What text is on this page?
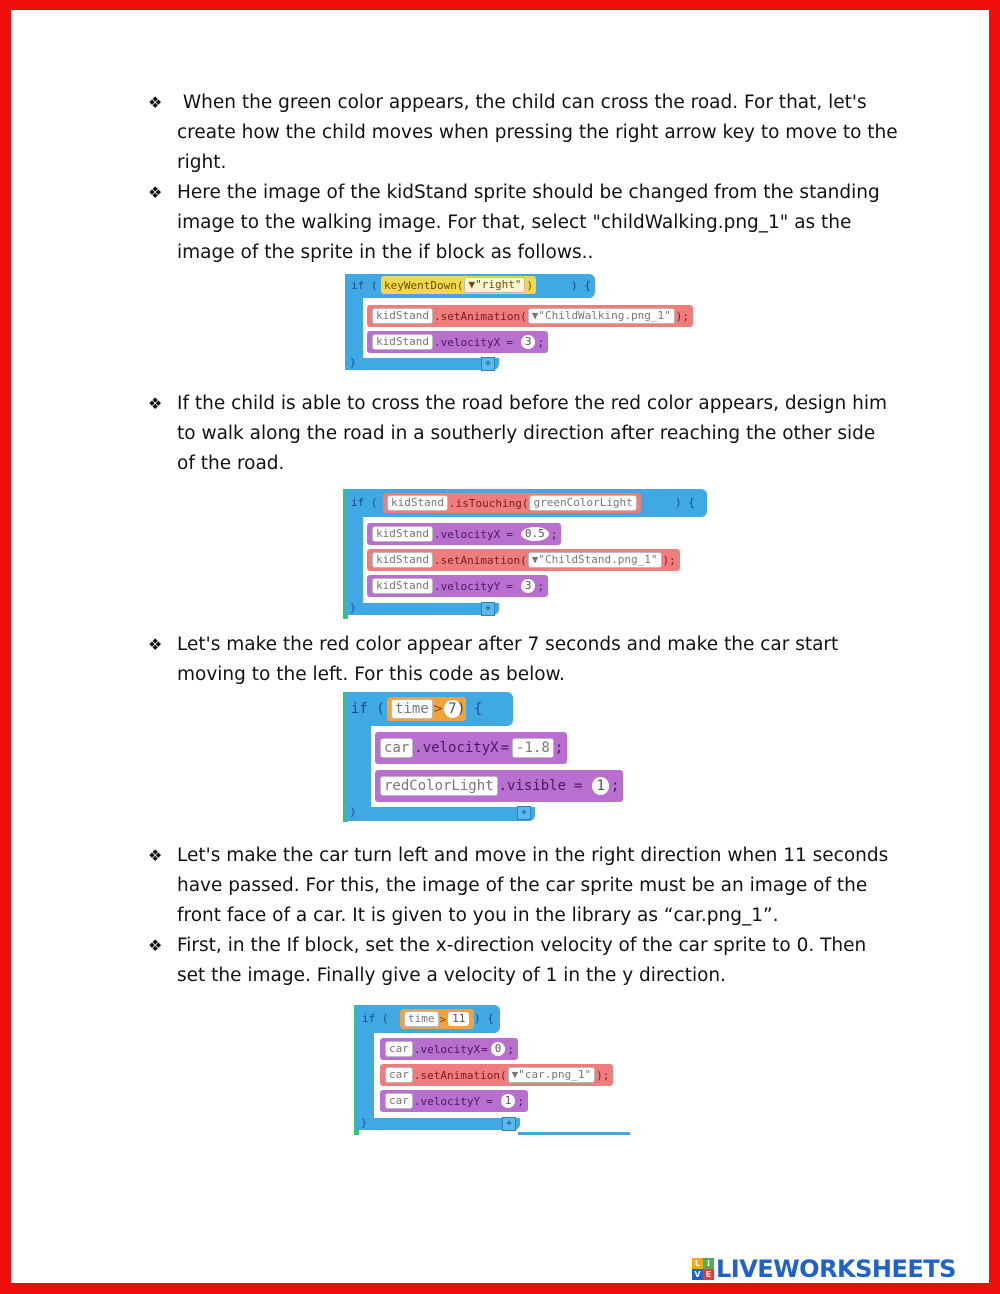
❖ When the green color appears, the child can cross the road. For that, let's create how the child moves when pressing the right arrow key to move to the right.
❖ Here the image of the kidStand sprite should be changed from the standing image to the walking image. For that, select "childWalking.png_1" as the image of the sprite in the if block as follows..
if ( keyWentDown( ▼"right" )	) {
kidStand .setAnimation( ▼"ChildWalking.png_1" );
kidStand .velocityX =	3 ;
}	+
❖ If the child is able to cross the road before the red color appears, design him to walk along the road in a southerly direction after reaching the other side of the road.
if (	kidStand .isTouching( greenColorLight	) {
kidStand .velocityX =	0.5 ;
kidStand .setAnimation( ▼"ChildStand.png_1" );
kidStand .velocityY =	3 ;
}	+
❖ Let's make the red color appear after 7 seconds and make the car start moving to the left. For this code as below.
if ( time > 7 ) {
car .velocityX = -1.8 ;
redColorLight .visible = 1 ;
}	+
❖ Let's make the car turn left and move in the right direction when 11 seconds have passed. For this, the image of the car sprite must be an image of the front face of a car. It is given to you in the library as “car.png_1”.
❖ First, in the If block, set the x-direction velocity of the car sprite to 0. Then set the image. Finally give a velocity of 1 in the y direction.
if (	time > 11 ) {
car .velocityX = 0 ;
car .setAnimation( ▼"car.png_1" );
car .velocityY =	1 ;
}	+
L I
V E LIVEWORKSHEETS
